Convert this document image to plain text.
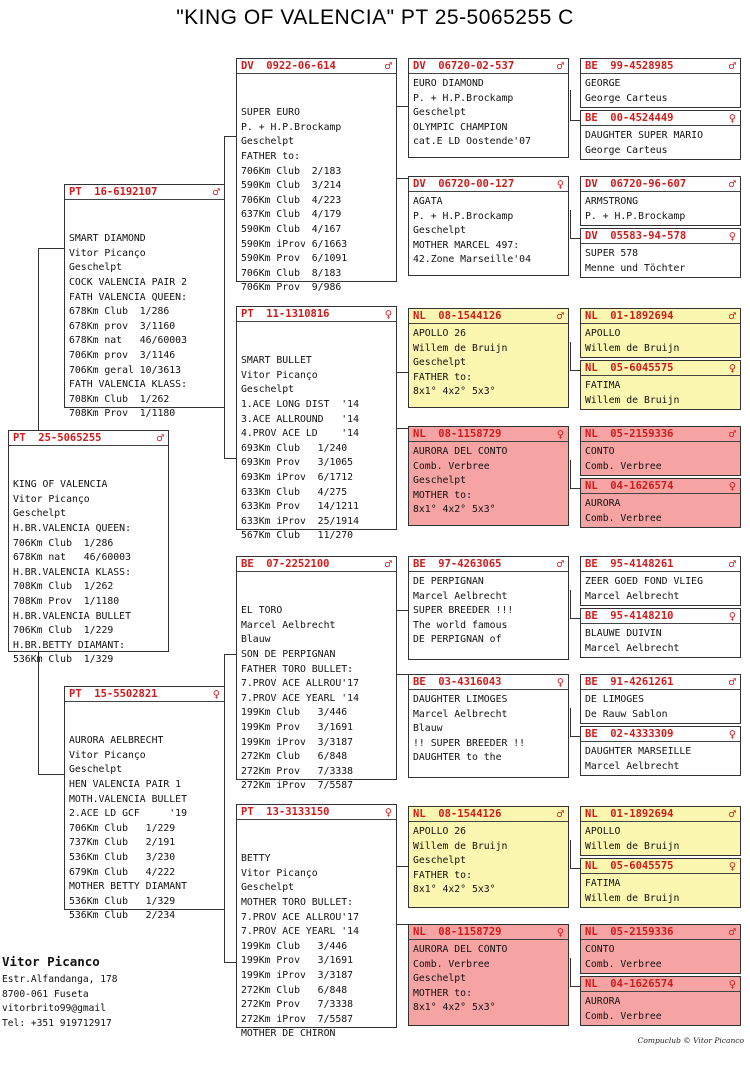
"KING OF VALENCIA" PT 25-5065255 C
PT  25-5065255	♂

KING OF VALENCIA
Vitor Picanço
Geschelpt
H.BR.VALENCIA QUEEN:
706Km Club  1/286
678Km nat   46/60003
H.BR.VALENCIA KLASS:
708Km Club  1/262
708Km Prov  1/1180
H.BR.VALENCIA BULLET
706Km Club  1/229
H.BR.BETTY DIAMANT:
536Km Club  1/329

PT  16-6192107	♂

SMART DIAMOND
Vitor Picanço
Geschelpt
COCK VALENCIA PAIR 2
FATH VALENCIA QUEEN:
678Km Club  1/286
678Km prov  3/1160
678Km nat   46/60003
706Km prov  3/1146
706Km geral 10/3613
FATH VALENCIA KLASS:
708Km Club  1/262
708Km Prov  1/1180

PT  15-5502821	♀

AURORA AELBRECHT
Vitor Picanço
Geschelpt
HEN VALENCIA PAIR 1
MOTH.VALENCIA BULLET
2.ACE LD GCF     '19
706Km Club   1/229
737Km Club   2/191
536Km Club   3/230
679Km Club   4/222
MOTHER BETTY DIAMANT
536Km Club   1/329
536Km Club   2/234

DV  0922-06-614	♂

SUPER EURO
P. + H.P.Brockamp
Geschelpt
FATHER to:
706Km Club  2/183
590Km Club  3/214
706Km Club  4/223
637Km Club  4/179
590Km Club  4/167
590Km iProv 6/1663
590Km Prov  6/1091
706Km Club  8/183
706Km Prov  9/986

PT  11-1310816	♀

SMART BULLET
Vitor Picanço
Geschelpt
1.ACE LONG DIST  '14
3.ACE ALLROUND   '14
4.PROV ACE LD    '14
693Km Club   1/240
693Km Prov   3/1065
693Km iProv  6/1712
633Km Club   4/275
633Km Prov   14/1211
633Km iProv  25/1914
567Km Club   11/270

BE  07-2252100	♂

EL TORO
Marcel Aelbrecht
Blauw
SON DE PERPIGNAN
FATHER TORO BULLET:
7.PROV ACE ALLROU'17
7.PROV ACE YEARL '14
199Km Club   3/446
199Km Prov   3/1691
199Km iProv  3/3187
272Km Club   6/848
272Km Prov   7/3338
272Km iProv  7/5587

PT  13-3133150	♀

BETTY
Vitor Picanço
Geschelpt
MOTHER TORO BULLET:
7.PROV ACE ALLROU'17
7.PROV ACE YEARL '14
199Km Club   3/446
199Km Prov   3/1691
199Km iProv  3/3187
272Km Club   6/848
272Km Prov   7/3338
272Km iProv  7/5587
MOTHER DE CHIRON

DV  06720-02-537	♂
EURO DIAMOND
P. + H.P.Brockamp
Geschelpt
OLYMPIC CHAMPION
cat.E LD Oostende'07
DV  06720-00-127	♀
AGATA
P. + H.P.Brockamp
Geschelpt
MOTHER MARCEL 497:
42.Zone Marseille'04
NL  08-1544126	♂
APOLLO 26
Willem de Bruijn
Geschelpt
FATHER to:
8x1° 4x2° 5x3°
NL  08-1158729	♀
AURORA DEL CONTO
Comb. Verbree
Geschelpt
MOTHER to:
8x1° 4x2° 5x3°
BE  97-4263065	♂
DE PERPIGNAN
Marcel Aelbrecht
SUPER BREEDER !!!
The world famous
DE PERPIGNAN of
BE  03-4316043	♀
DAUGHTER LIMOGES
Marcel Aelbrecht
Blauw
!! SUPER BREEDER !!
DAUGHTER to the
NL  08-1544126	♂
APOLLO 26
Willem de Bruijn
Geschelpt
FATHER to:
8x1° 4x2° 5x3°
NL  08-1158729	♀
AURORA DEL CONTO
Comb. Verbree
Geschelpt
MOTHER to:
8x1° 4x2° 5x3°
BE  99-4528985	♂
GEORGE
George Carteus
BE  00-4524449	♀
DAUGHTER SUPER MARIO
George Carteus
DV  06720-96-607	♂
ARMSTRONG
P. + H.P.Brockamp
DV  05583-94-578	♀
SUPER 578
Menne und Töchter
NL  01-1892694	♂
APOLLO
Willem de Bruijn
NL  05-6045575	♀
FATIMA
Willem de Bruijn
NL  05-2159336	♂
CONTO
Comb. Verbree
NL  04-1626574	♀
AURORA
Comb. Verbree
BE  95-4148261	♂
ZEER GOED FOND VLIEG
Marcel Aelbrecht
BE  95-4148210	♀
BLAUWE DUIVIN
Marcel Aelbrecht
BE  91-4261261	♂
DE LIMOGES
De Rauw Sablon
BE  02-4333309	♀
DAUGHTER MARSEILLE
Marcel Aelbrecht
NL  01-1892694	♂
APOLLO
Willem de Bruijn
NL  05-6045575	♀
FATIMA
Willem de Bruijn
NL  05-2159336	♂
CONTO
Comb. Verbree
NL  04-1626574	♀
AURORA
Comb. Verbree
Vitor Picanco
Estr.Alfandanga, 178
8700-061 Fuseta
vitorbrito99@gmail
Tel: +351 919712917
Compuclub © Vitor Picanco
